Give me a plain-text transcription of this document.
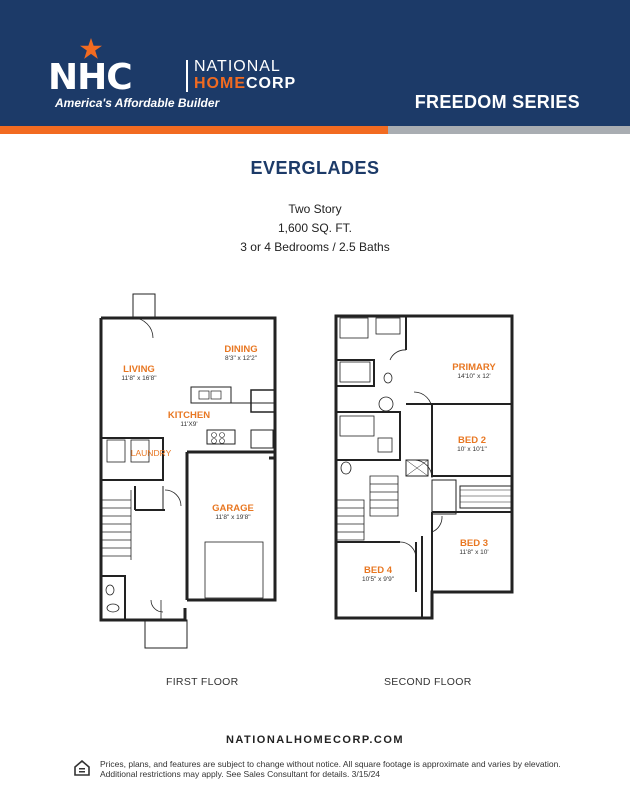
NHC	NATIONAL
HOMECORP
America's Affordable Builder	FREEDOM SERIES
EVERGLADES
Two Story
1,600 SQ. FT.
3 or 4 Bedrooms / 2.5 Baths
DINING
8'3" x 12'2"
LIVING
11'8" x 16'8"
KITCHEN
11'X9'
LAUNDRY
GARAGE
11'8" x 19'8"
PRIMARY
14'10" x 12'
BED 2
10' x 10'1"
BED 3
11'8" x 10'
BED 4
10'5" x 9'9"
FIRST FLOOR	SECOND FLOOR
NATIONALHOMECORP.COM
Prices, plans, and features are subject to change without notice. All square footage is approximate and varies by elevation. Additional restrictions may apply. See Sales Consultant for details. 3/15/24
